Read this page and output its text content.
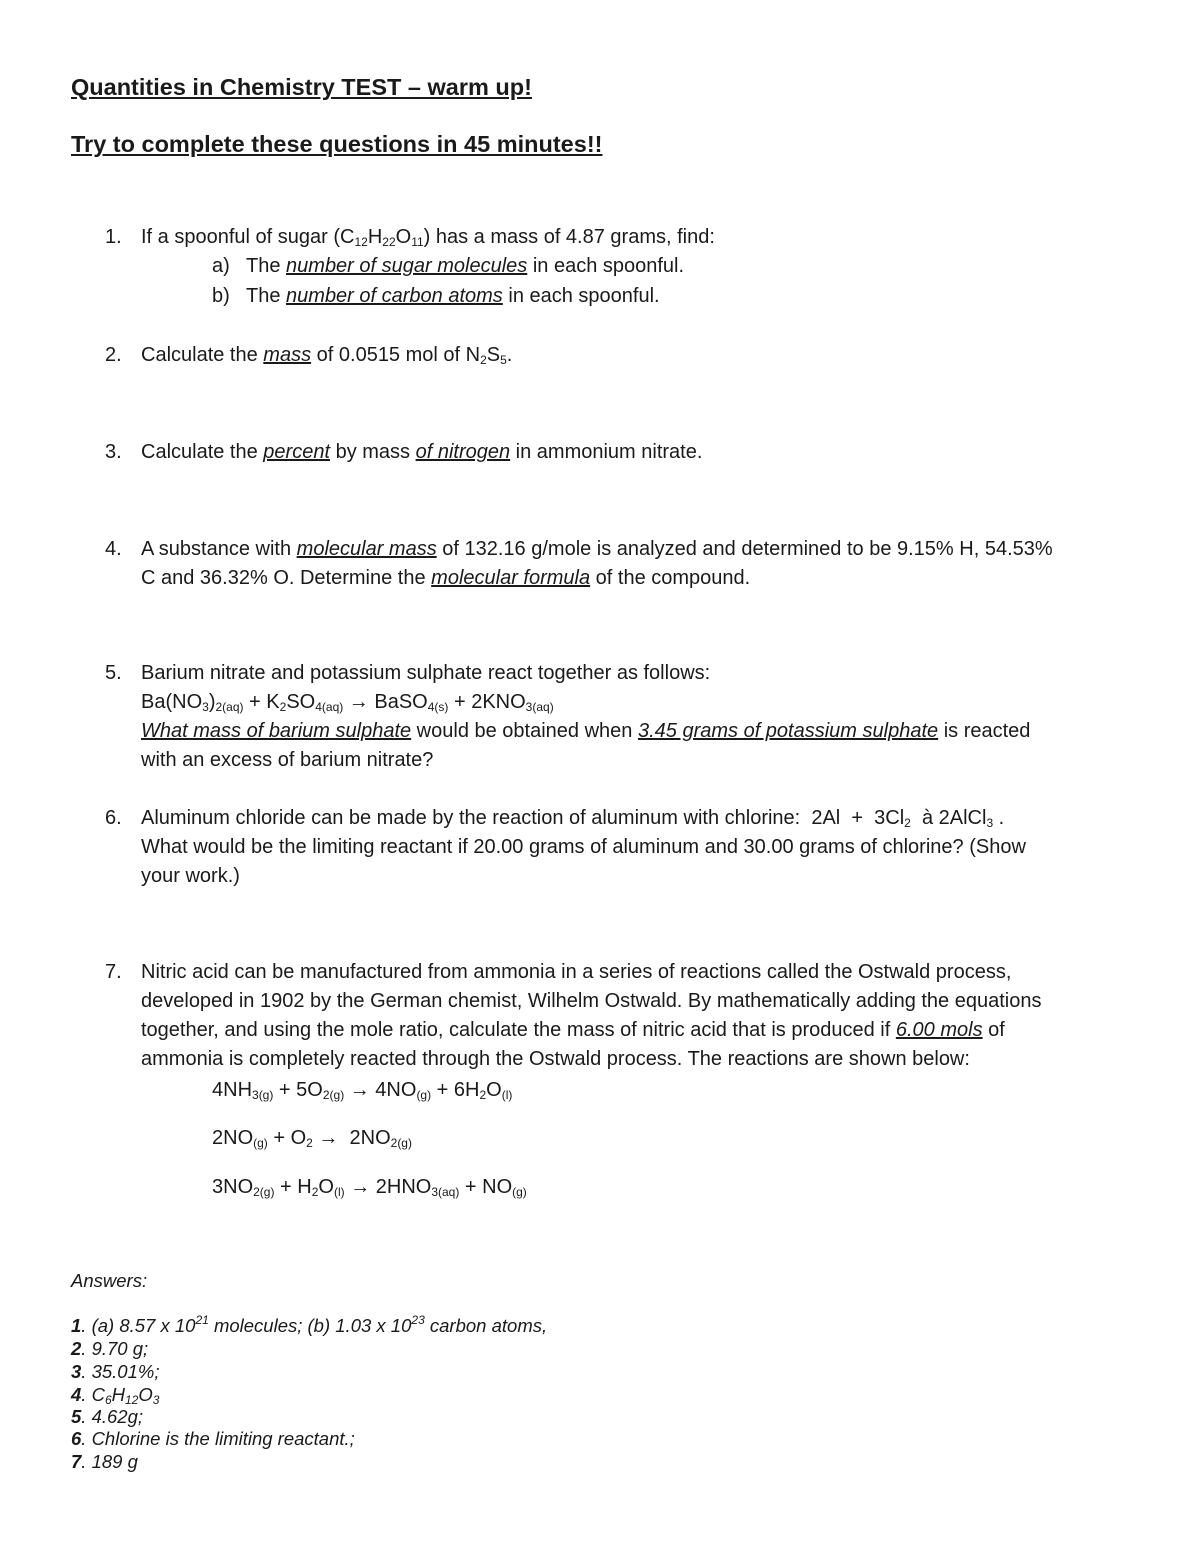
Quantities in Chemistry TEST – warm up!
Try to complete these questions in 45 minutes!!
1. If a spoonful of sugar $(C_{12}H_{22}O_{11})$ has a mass of 4.87 grams, find:
a) The number of sugar molecules in each spoonful.
b) The number of carbon atoms in each spoonful.
2. Calculate the mass of 0.0515 mol of $N_2S_5$.
3. Calculate the percent by mass of nitrogen in ammonium nitrate.
4. A substance with molecular mass of 132.16 g/mole is analyzed and determined to be 9.15% H, 54.53%
C and 36.32% O. Determine the molecular formula of the compound.
5. Barium nitrate and potassium sulphate react together as follows:
$Ba(NO_3)_{2(aq)} + K_2SO_{4(aq)}$ → BaSO$_{4(s)}$ + $2KNO_{3(aq)}$
What mass of barium sulphate would be obtained when 3.45 grams of potassium sulphate is reacted
with an excess of barium nitrate?
6. Aluminum chloride can be made by the reaction of aluminum with chlorine:  $2Al + 3Cl_2$  à 2AlCl$_3$ .
What would be the limiting reactant if 20.00 grams of aluminum and 30.00 grams of chlorine? (Show
your work.)
7. Nitric acid can be manufactured from ammonia in a series of reactions called the Ostwald process,
developed in 1902 by the German chemist, Wilhelm Ostwald. By mathematically adding the equations
together, and using the mole ratio, calculate the mass of nitric acid that is produced if 6.00 mols of
ammonia is completely reacted through the Ostwald process. The reactions are shown below:
$4NH_{3(g)} + 5O_{2(g)} \to 4NO_{(g)} + 6H_2O_{(l)}$
$2NO_{(g)} + O_2 \to 2NO_{2(g)}$
$3NO_{2(g)} + H_2O_{(l)} \to 2HNO_{3(aq)} + NO_{(g)}$
Answers:
1. (a) 8.57 x $10^{21}$ molecules; (b) 1.03 x $10^{23}$ carbon atoms,
2. 9.70 g;
3. 35.01%;
4. $C_6H_{12}O_3$
5. 4.62g;
6. Chlorine is the limiting reactant.;
7. 189 g
